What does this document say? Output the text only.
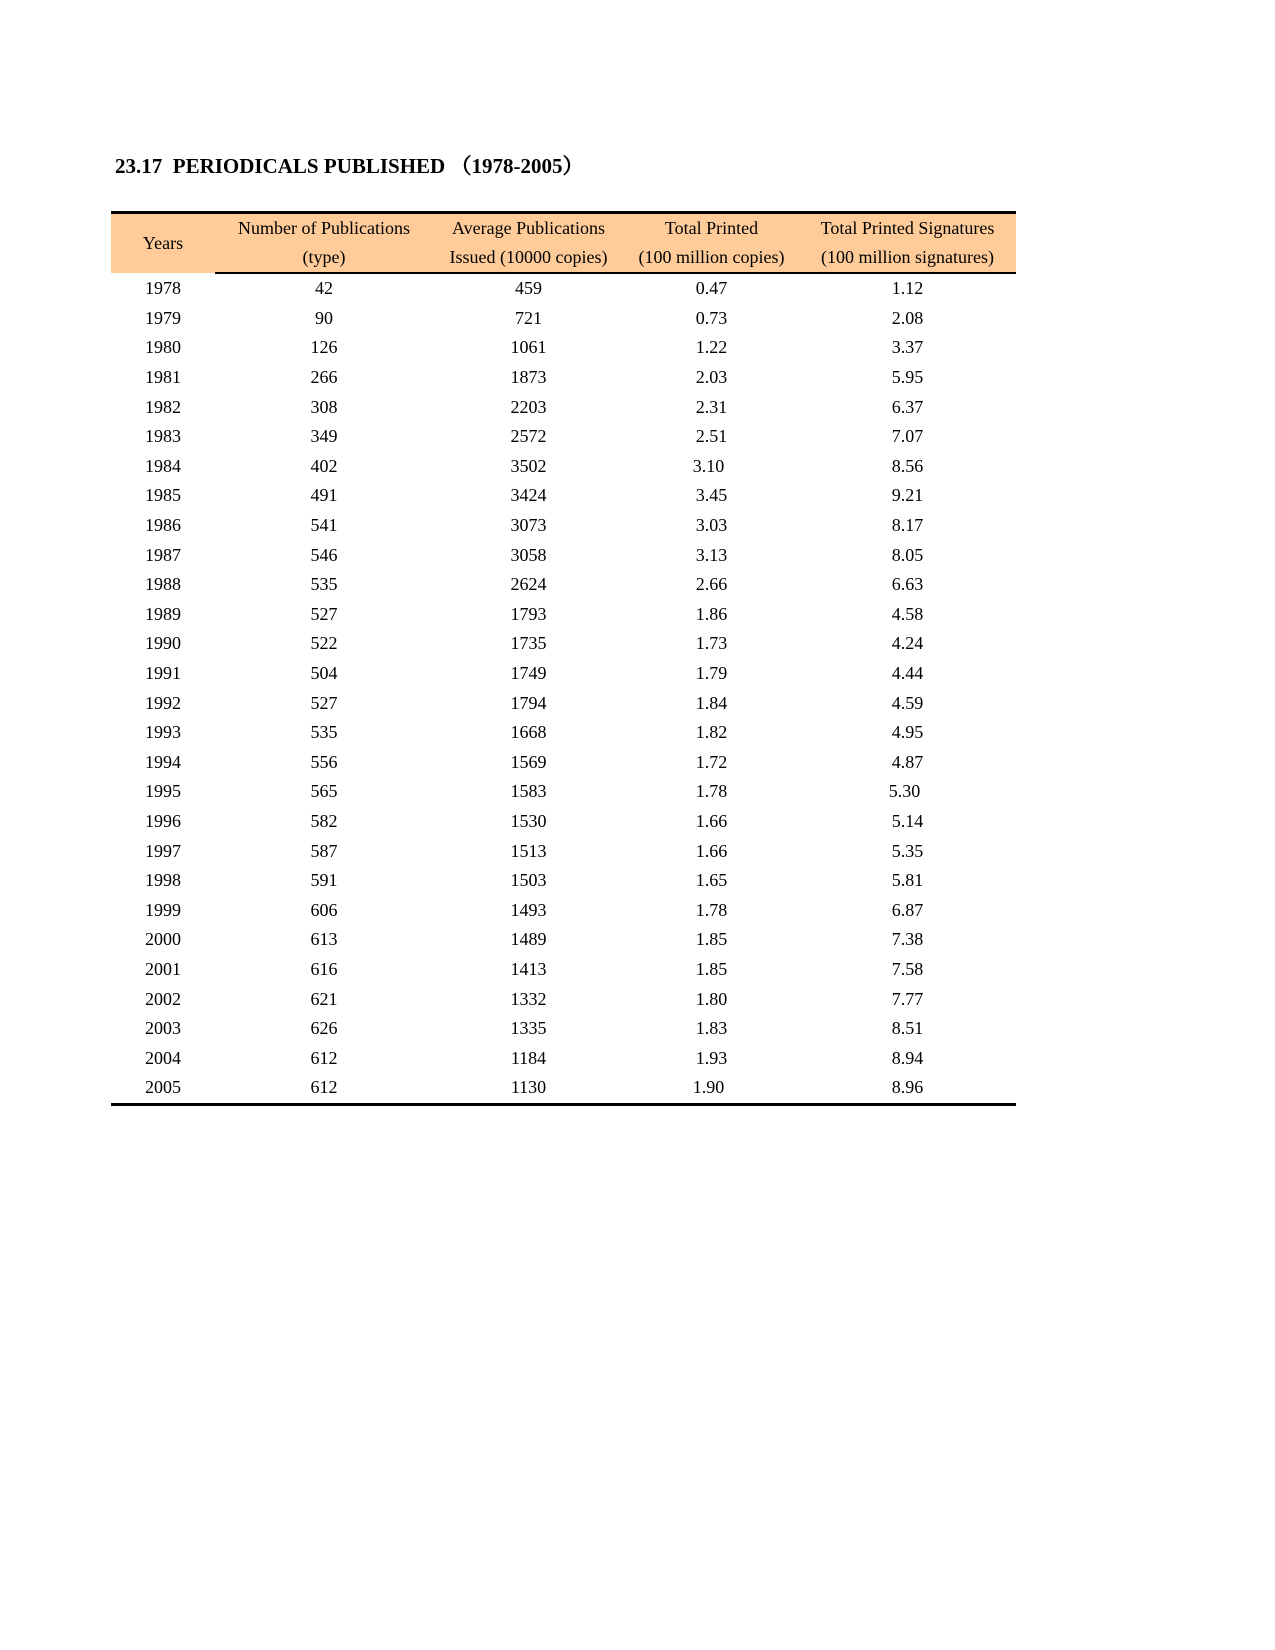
23.17  PERIODICALS PUBLISHED （1978-2005）
Years	Number of Publications	Average Publications	Total Printed	Total Printed Signatures
	(type)	Issued (10000 copies)	(100 million copies)	(100 million signatures)
1978	42	459	0.47	1.12
1979	90	721	0.73	2.08
1980	126	1061	1.22	3.37
1981	266	1873	2.03	5.95
1982	308	2203	2.31	6.37
1983	349	2572	2.51	7.07
1984	402	3502	3.10	8.56
1985	491	3424	3.45	9.21
1986	541	3073	3.03	8.17
1987	546	3058	3.13	8.05
1988	535	2624	2.66	6.63
1989	527	1793	1.86	4.58
1990	522	1735	1.73	4.24
1991	504	1749	1.79	4.44
1992	527	1794	1.84	4.59
1993	535	1668	1.82	4.95
1994	556	1569	1.72	4.87
1995	565	1583	1.78	5.30
1996	582	1530	1.66	5.14
1997	587	1513	1.66	5.35
1998	591	1503	1.65	5.81
1999	606	1493	1.78	6.87
2000	613	1489	1.85	7.38
2001	616	1413	1.85	7.58
2002	621	1332	1.80	7.77
2003	626	1335	1.83	8.51
2004	612	1184	1.93	8.94
2005	612	1130	1.90	8.96
